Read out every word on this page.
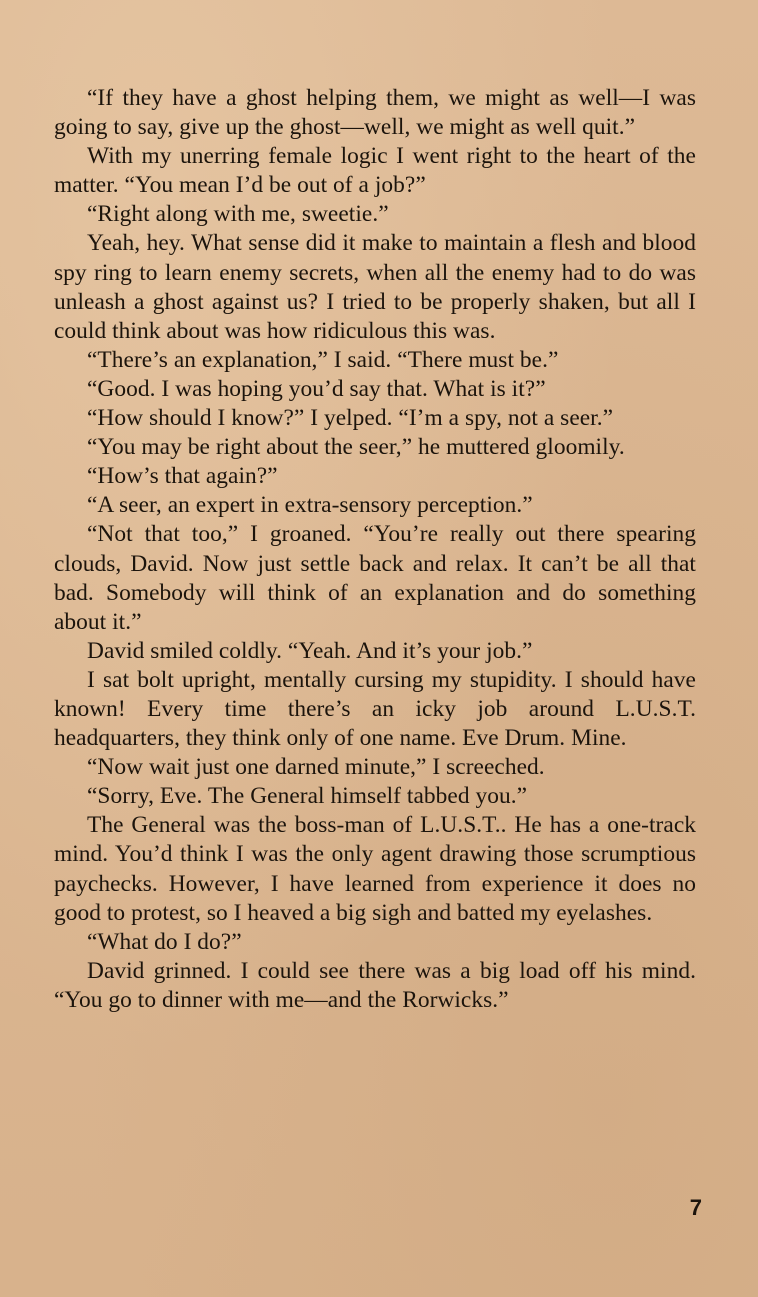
“If they have a ghost helping them, we might as well—I was going to say, give up the ghost—well, we might as well quit.”

With my unerring female logic I went right to the heart of the matter. “You mean I’d be out of a job?”

“Right along with me, sweetie.”

Yeah, hey. What sense did it make to maintain a flesh and blood spy ring to learn enemy secrets, when all the enemy had to do was unleash a ghost against us? I tried to be properly shaken, but all I could think about was how ridiculous this was.

“There’s an explanation,” I said. “There must be.”

“Good. I was hoping you’d say that. What is it?”

“How should I know?” I yelped. “I’m a spy, not a seer.”

“You may be right about the seer,” he muttered gloomily.

“How’s that again?”

“A seer, an expert in extra-sensory perception.”

“Not that too,” I groaned. “You’re really out there spearing clouds, David. Now just settle back and relax. It can’t be all that bad. Somebody will think of an explanation and do something about it.”

David smiled coldly. “Yeah. And it’s your job.”

I sat bolt upright, mentally cursing my stupidity. I should have known! Every time there’s an icky job around L.U.S.T. headquarters, they think only of one name. Eve Drum. Mine.

“Now wait just one darned minute,” I screeched.

“Sorry, Eve. The General himself tabbed you.”

The General was the boss-man of L.U.S.T.. He has a one-track mind. You’d think I was the only agent drawing those scrumptious paychecks. However, I have learned from experience it does no good to protest, so I heaved a big sigh and batted my eyelashes.

“What do I do?”

David grinned. I could see there was a big load off his mind. “You go to dinner with me—and the Rorwicks.”

7
